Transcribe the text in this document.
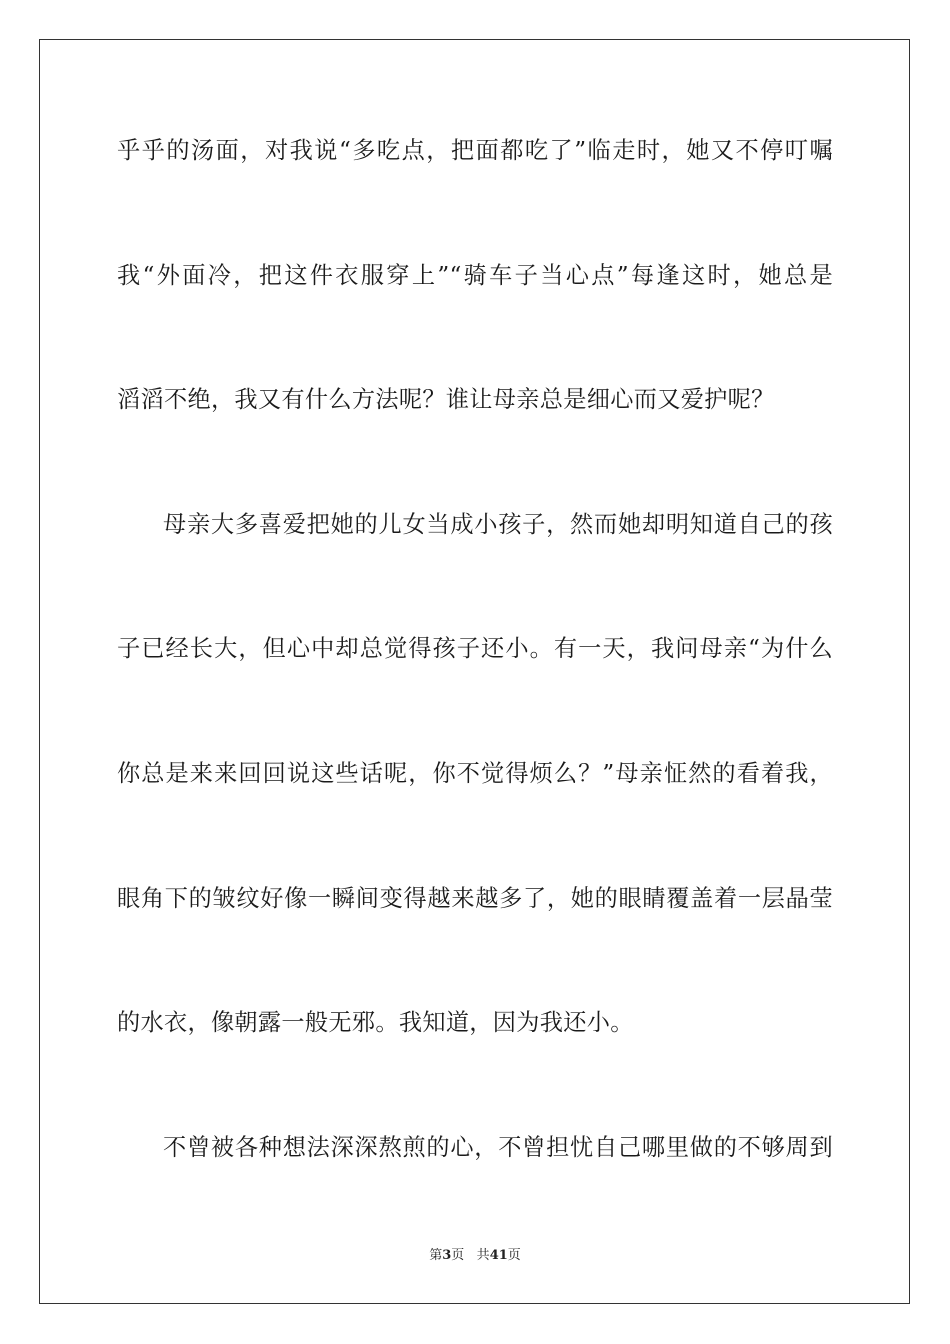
乎乎的汤面，对我说“多吃点，把面都吃了”临走时，她又不停叮嘱
我“外面冷，把这件衣服穿上”“骑车子当心点”每逢这时，她总是
滔滔不绝，我又有什么方法呢？谁让母亲总是细心而又爱护呢？
母亲大多喜爱把她的儿女当成小孩子，然而她却明知道自己的孩
子已经长大，但心中却总觉得孩子还小。有一天，我问母亲“为什么
你总是来来回回说这些话呢，你不觉得烦么？”母亲怔然的看着我，
眼角下的皱纹好像一瞬间变得越来越多了，她的眼睛覆盖着一层晶莹
的水衣，像朝露一般无邪。我知道，因为我还小。
不曾被各种想法深深熬煎的心，不曾担忧自己哪里做的不够周到
第3页 共41页
